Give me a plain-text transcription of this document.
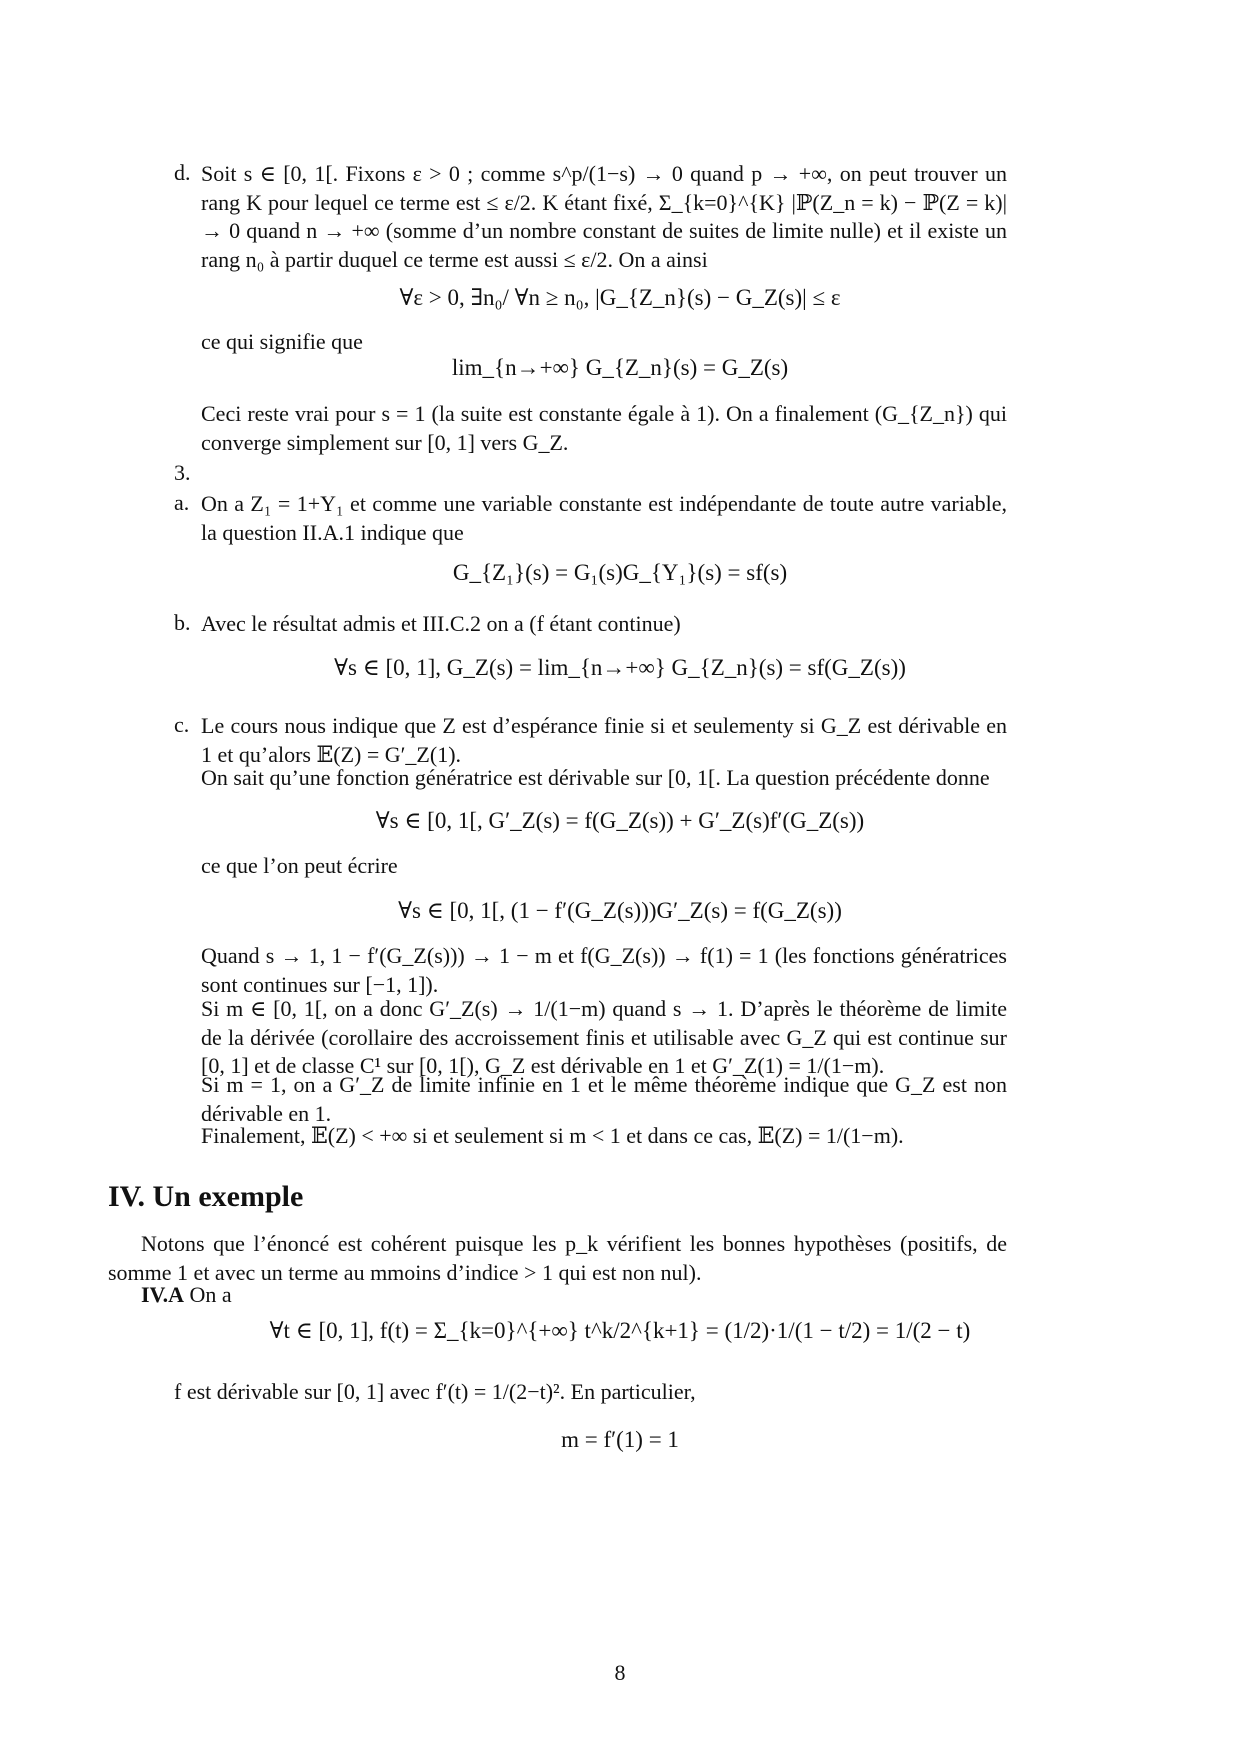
d. Soit s ∈ [0, 1[. Fixons ε > 0 ; comme s^p/(1−s) → 0 quand p → +∞, on peut trouver un rang K pour lequel ce terme est ≤ ε/2. K étant fixé, Σ_{k=0}^{K} |ℙ(Z_n = k) − ℙ(Z = k)| → 0 quand n → +∞ (somme d’un nombre constant de suites de limite nulle) et il existe un rang n₀ à partir duquel ce terme est aussi ≤ ε/2. On a ainsi
∀ε > 0, ∃n₀/ ∀n ≥ n₀, |G_{Z_n}(s) − G_Z(s)| ≤ ε
ce qui signifie que
lim_{n→+∞} G_{Z_n}(s) = G_Z(s)
Ceci reste vrai pour s = 1 (la suite est constante égale à 1). On a finalement (G_{Z_n}) qui converge simplement sur [0, 1] vers G_Z.
3.
a. On a Z₁ = 1+Y₁ et comme une variable constante est indépendante de toute autre variable, la question II.A.1 indique que
G_{Z₁}(s) = G₁(s)G_{Y₁}(s) = sf(s)
b. Avec le résultat admis et III.C.2 on a (f étant continue)
∀s ∈ [0, 1], G_Z(s) = lim_{n→+∞} G_{Z_n}(s) = sf(G_Z(s))
c. Le cours nous indique que Z est d’espérance finie si et seulementy si G_Z est dérivable en 1 et qu’alors 𝔼(Z) = G′_Z(1).
On sait qu’une fonction génératrice est dérivable sur [0, 1[. La question précédente donne
∀s ∈ [0, 1[, G′_Z(s) = f(G_Z(s)) + G′_Z(s)f′(G_Z(s))
ce que l’on peut écrire
∀s ∈ [0, 1[, (1 − f′(G_Z(s)))G′_Z(s) = f(G_Z(s))
Quand s → 1, 1 − f′(G_Z(s))) → 1 − m et f(G_Z(s)) → f(1) = 1 (les fonctions génératrices sont continues sur [−1, 1]).
Si m ∈ [0, 1[, on a donc G′_Z(s) → 1/(1−m) quand s → 1. D’après le théorème de limite de la dérivée (corollaire des accroissement finis et utilisable avec G_Z qui est continue sur [0, 1] et de classe C¹ sur [0, 1[), G_Z est dérivable en 1 et G′_Z(1) = 1/(1−m).
Si m = 1, on a G′_Z de limite infinie en 1 et le même théorème indique que G_Z est non dérivable en 1.
Finalement, 𝔼(Z) < +∞ si et seulement si m < 1 et dans ce cas, 𝔼(Z) = 1/(1−m).
IV. Un exemple
Notons que l’énoncé est cohérent puisque les p_k vérifient les bonnes hypothèses (positifs, de somme 1 et avec un terme au mmoins d’indice > 1 qui est non nul).
IV.A On a
∀t ∈ [0, 1], f(t) = Σ_{k=0}^{+∞} t^k/2^{k+1} = (1/2)·1/(1 − t/2) = 1/(2 − t)
f est dérivable sur [0, 1] avec f′(t) = 1/(2−t)². En particulier,
m = f′(1) = 1
8
